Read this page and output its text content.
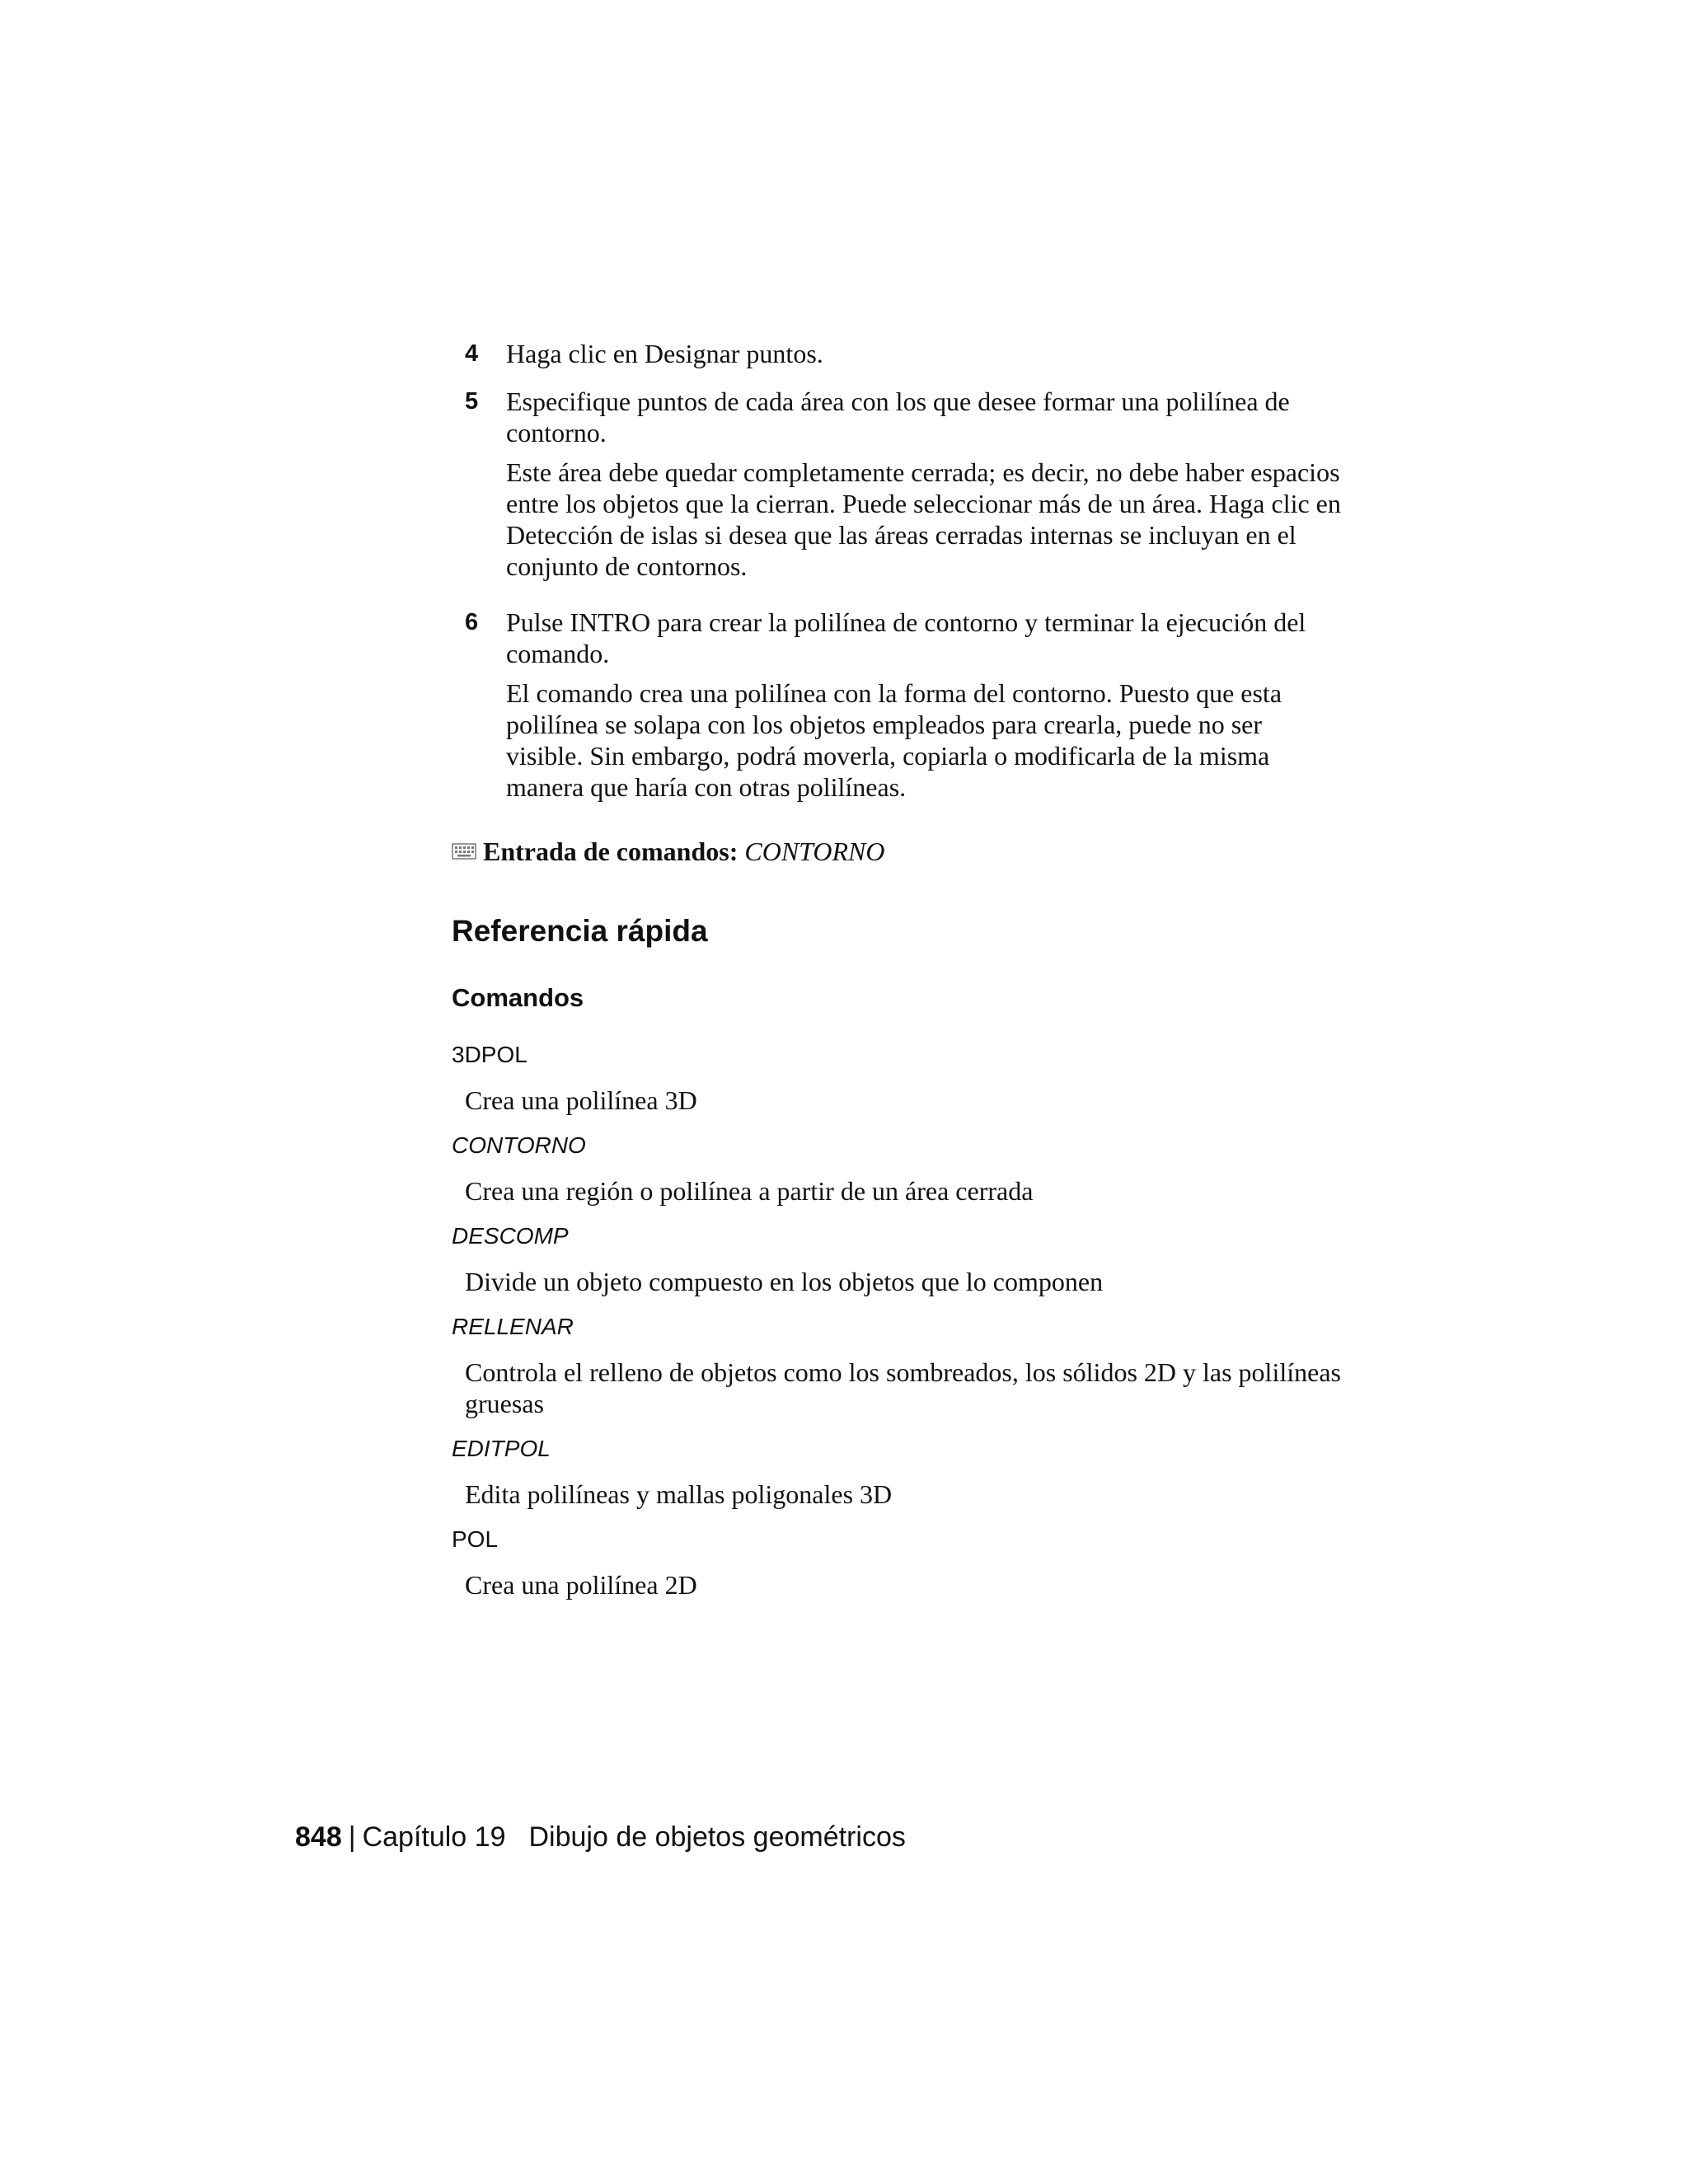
4	Haga clic en Designar puntos.

5	Especifique puntos de cada área con los que desee formar una polilínea de contorno.

Este área debe quedar completamente cerrada; es decir, no debe haber espacios entre los objetos que la cierran. Puede seleccionar más de un área. Haga clic en Detección de islas si desea que las áreas cerradas internas se incluyan en el conjunto de contornos.

6	Pulse INTRO para crear la polilínea de contorno y terminar la ejecución del comando.

El comando crea una polilínea con la forma del contorno. Puesto que esta polilínea se solapa con los objetos empleados para crearla, puede no ser visible. Sin embargo, podrá moverla, copiarla o modificarla de la misma manera que haría con otras polilíneas.

Entrada de comandos: CONTORNO
Referencia rápida
Comandos

3DPOL

Crea una polilínea 3D

CONTORNO

Crea una región o polilínea a partir de un área cerrada

DESCOMP

Divide un objeto compuesto en los objetos que lo componen

RELLENAR

Controla el relleno de objetos como los sombreados, los sólidos 2D y las polilíneas gruesas

EDITPOL

Edita polilíneas y mallas poligonales 3D

POL

Crea una polilínea 2D

848 | Capítulo 19 Dibujo de objetos geométricos
